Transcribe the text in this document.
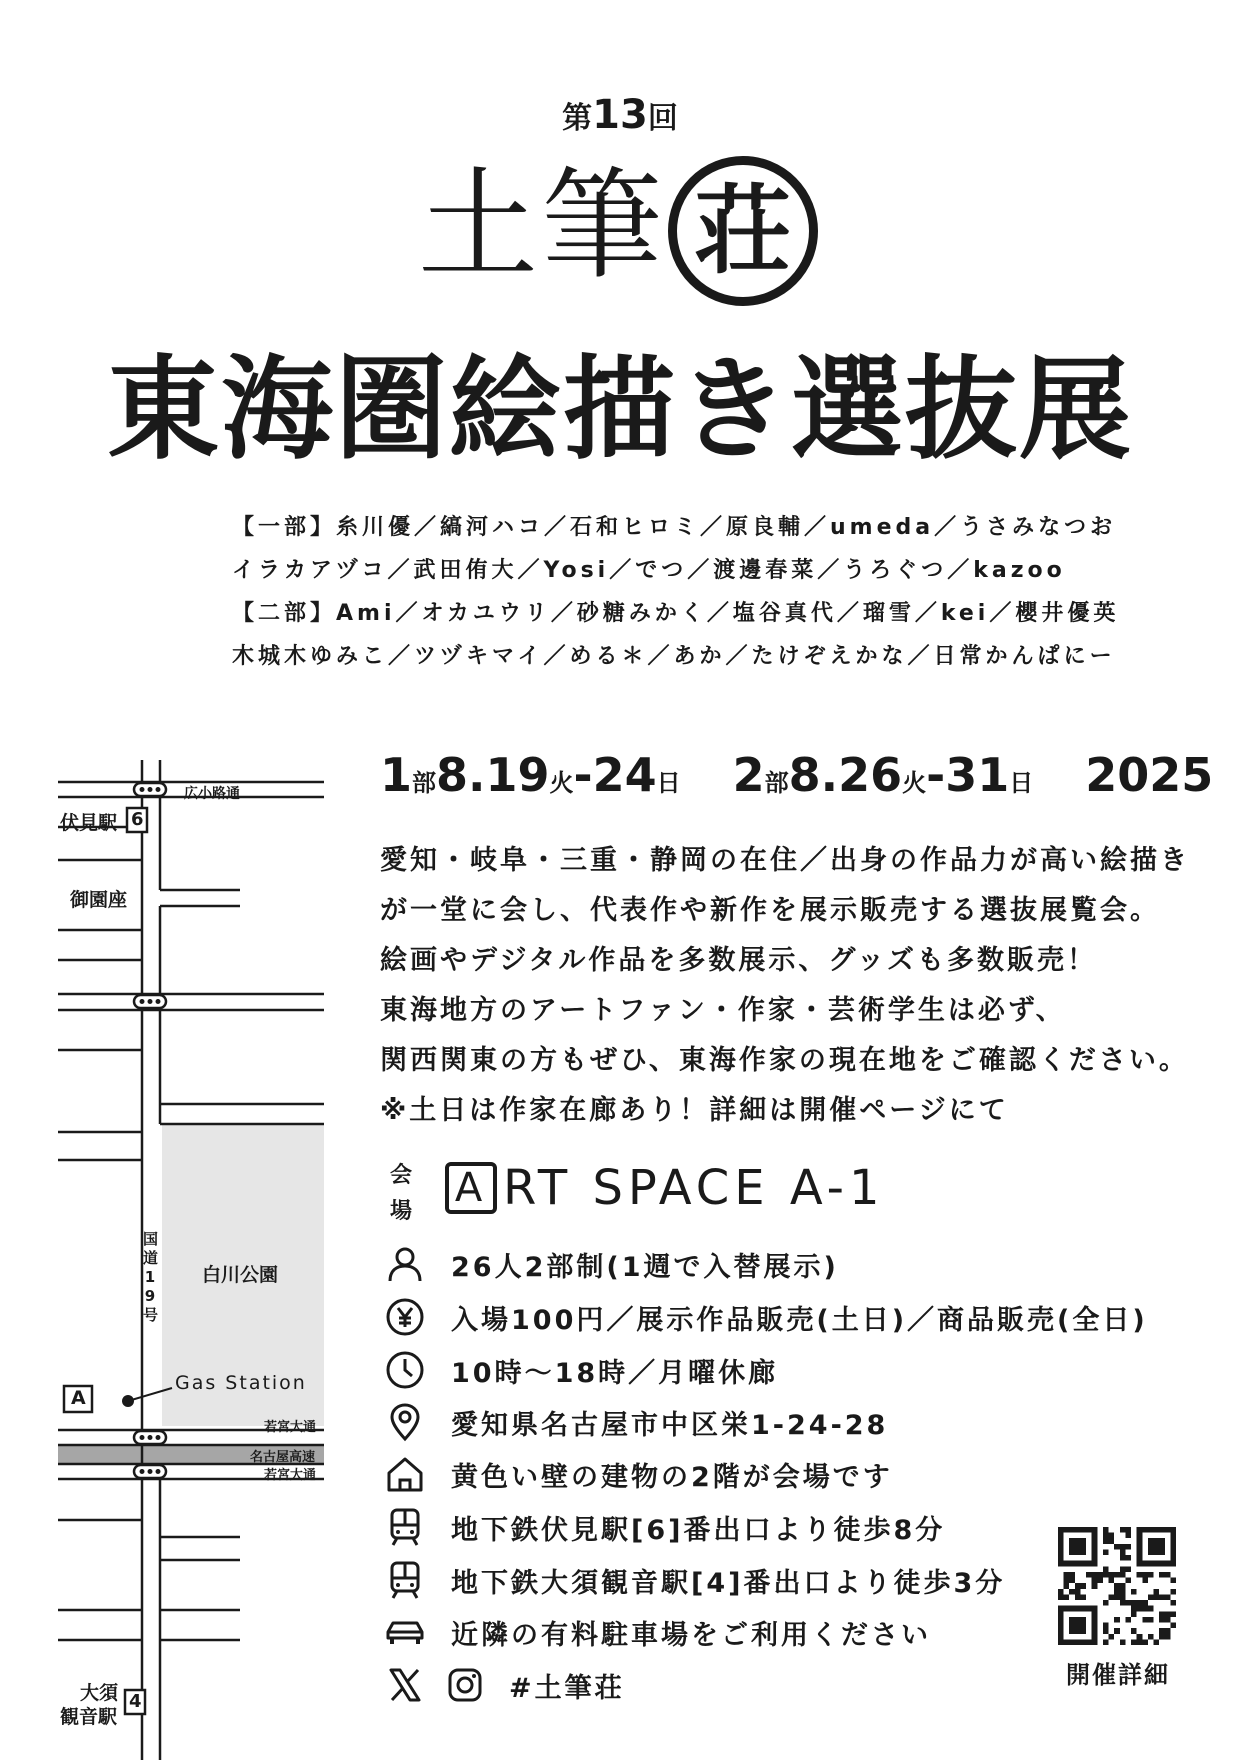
第13回
土筆 荘
東海圏絵描き選抜展
【一部】糸川優／縞河ハコ／石和ヒロミ／原良輔／umeda／うさみなつお
イラカアヅコ／武田侑大／Yosi／でつ／渡邊春菜／うろぐつ／kazoo
【二部】Ami／オカユウリ／砂糖みかく／塩谷真代／瑠雪／kei／櫻井優英
木城木ゆみこ／ツヅキマイ／める＊／あか／たけぞえかな／日常かんぱにー
1部8.19火-24日 2部8.26火-31日 2025
愛知・岐阜・三重・静岡の在住／出身の作品力が高い絵描き
が一堂に会し、代表作や新作を展示販売する選抜展覧会。
絵画やデジタル作品を多数展示、グッズも多数販売！
東海地方のアートファン・作家・芸術学生は必ず、
関西関東の方もぜひ、東海作家の現在地をご確認ください。
※土日は作家在廊あり！詳細は開催ページにて
会
場
A RT SPACE A-1
26人2部制(1週で入替展示)
入場100円／展示作品販売(土日)／商品販売(全日)
10時〜18時／月曜休廊
愛知県名古屋市中区栄1-24-28
黄色い壁の建物の2階が会場です
地下鉄伏見駅[6]番出口より徒歩8分
地下鉄大須観音駅[4]番出口より徒歩3分
近隣の有料駐車場をご利用ください
#土筆荘	開催詳細
広小路通
伏見駅 6
御園座
国
道
1
9
号
白川公園
Gas Station
A
若宮大通
名古屋高速
若宮大通
大須
観音駅
4
